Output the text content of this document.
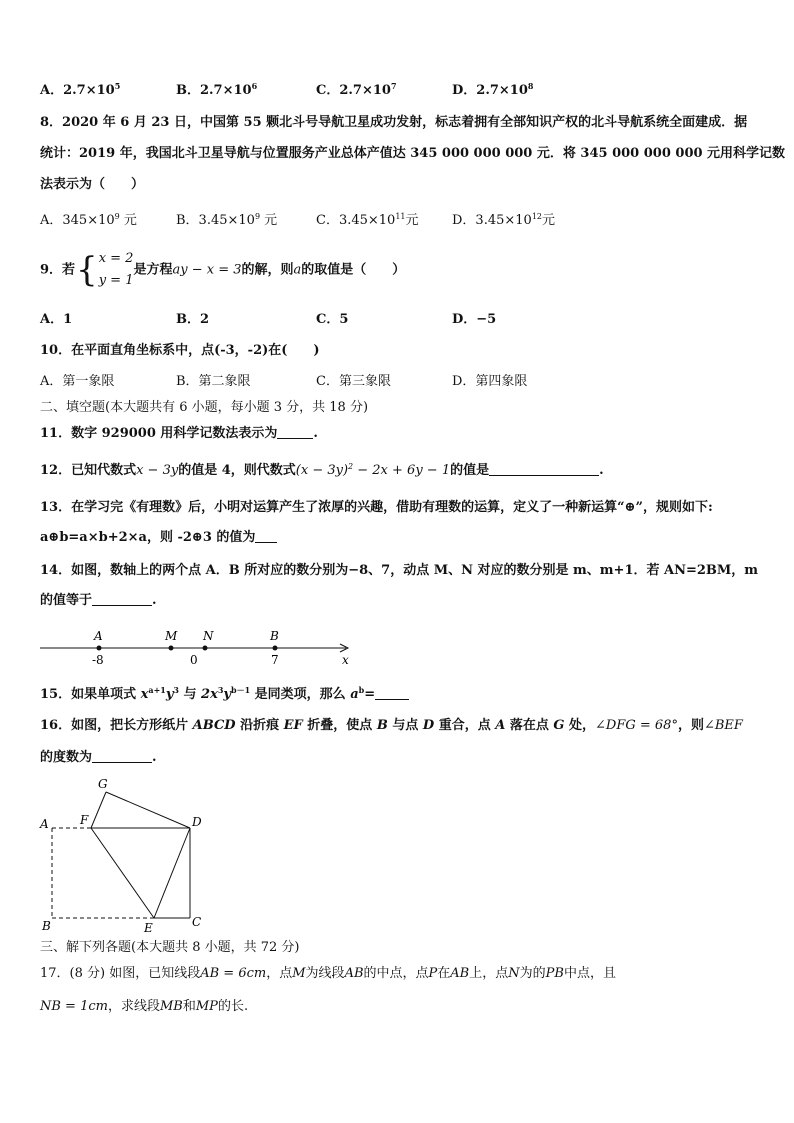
A．$2.7\times 10^5$	B．$2.7\times 10^6$	C．$2.7\times 10^7$	D．$2.7\times 10^8$
8．2020 年 6 月 23 日，中国第 55 颗北斗号导航卫星成功发射，标志着拥有全部知识产权的北斗导航系统全面建成．据
统计：2019 年，我国北斗卫星导航与位置服务产业总体产值达 345 000 000 000 元．将 345 000 000 000 元用科学记数
法表示为（　　）
A．$345\times 10^9$ 元	B．$3.45\times 10^9$ 元	C．$3.45\times 10^{11}$元	D．$3.45\times 10^{12}$元
9．若{x = 2
y = 1是方程ay − x = 3的解，则a的取值是（　　）
A．1	B．2	C．5	D．−5
10．在平面直角坐标系中，点(-3，-2)在(　　)
A．第一象限	B．第二象限	C．第三象限	D．第四象限
二、填空题(本大题共有 6 小题，每小题 3 分，共 18 分)
11．数字 929000 用科学记数法表示为	.
12．已知代数式x − 3y的值是 4，则代数式$(x - 3y)^2 - 2x + 6y - 1$的值是	.
13．在学习完《有理数》后，小明对运算产生了浓厚的兴趣，借助有理数的运算，定义了一种新运算“⊕”，规则如下:
a⊕b=a×b+2×a，则 -2⊕3 的值为
14．如图，数轴上的两个点 A．B 所对应的数分别为−8、7，动点 M、N 对应的数分别是 m、m+1．若 AN=2BM，m
的值等于	.
A	M N	B
-8	0	7	x
15．如果单项式 $x^{a+1}y^3$ 与 $2x^3y^{b-1}$ 是同类项，那么 $a^b=$
16．如图，把长方形纸片 ABCD 沿折痕 EF 折叠，使点 B 与点 D 重合，点 A 落在点 G 处，∠DFG = 68°，则∠BEF
的度数为	.
G
F
A	D
B	E	C
三、解下列各题(本大题共 8 小题，共 72 分)
17．(8 分) 如图，已知线段AB = 6cm，点M为线段AB的中点，点P在AB上，点N为的PB中点，且
NB = 1cm，求线段MB和MP的长.
